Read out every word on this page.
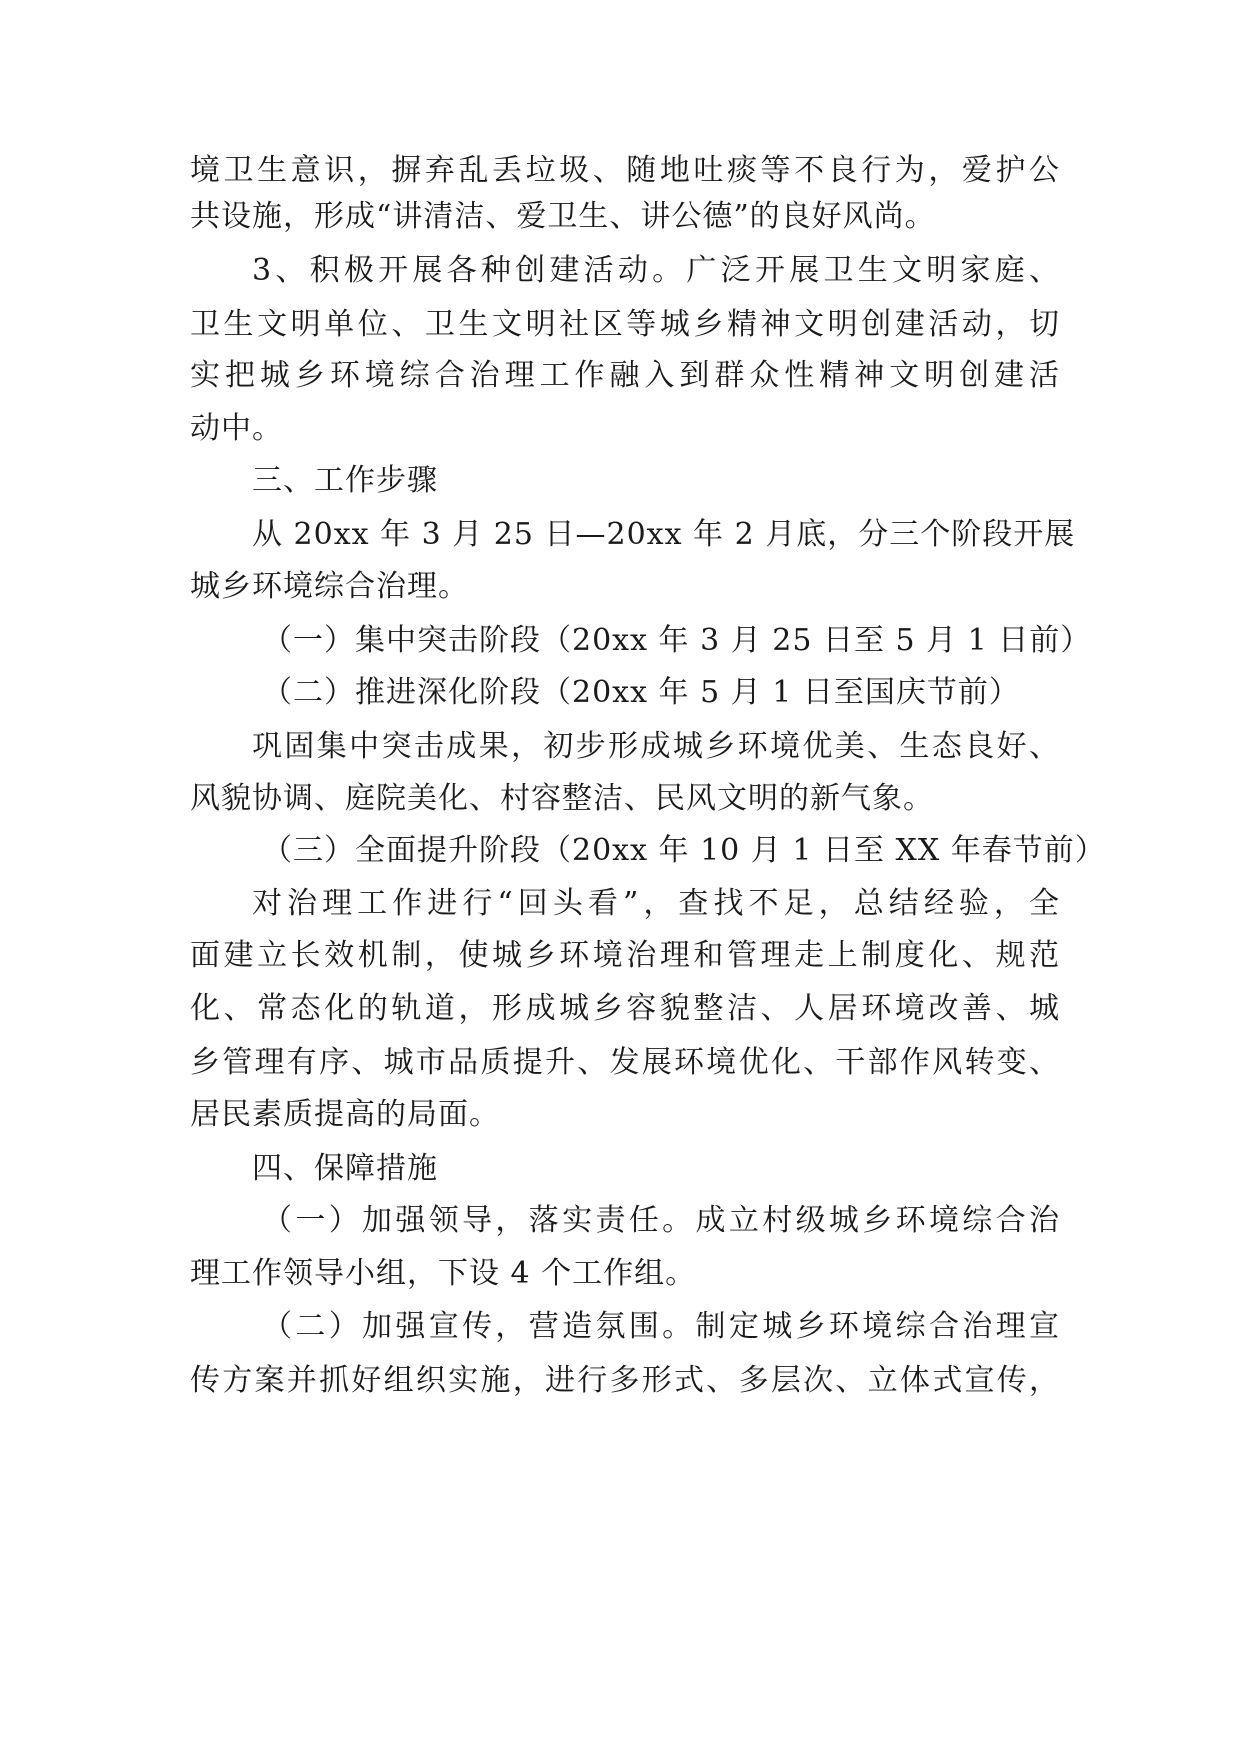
境卫生意识，摒弃乱丢垃圾、随地吐痰等不良行为，爱护公
共设施，形成“讲清洁、爱卫生、讲公德”的良好风尚。
3、积极开展各种创建活动。广泛开展卫生文明家庭、
卫生文明单位、卫生文明社区等城乡精神文明创建活动，切
实把城乡环境综合治理工作融入到群众性精神文明创建活
动中。
三、工作步骤
从 20xx 年 3 月 25 日—20xx 年 2 月底，分三个阶段开展
城乡环境综合治理。
（一）集中突击阶段（20xx 年 3 月 25 日至 5 月 1 日前）
（二）推进深化阶段（20xx 年 5 月 1 日至国庆节前）
巩固集中突击成果，初步形成城乡环境优美、生态良好、
风貌协调、庭院美化、村容整洁、民风文明的新气象。
（三）全面提升阶段（20xx 年 10 月 1 日至 XX 年春节前）
对治理工作进行“回头看”，查找不足，总结经验，全
面建立长效机制，使城乡环境治理和管理走上制度化、规范
化、常态化的轨道，形成城乡容貌整洁、人居环境改善、城
乡管理有序、城市品质提升、发展环境优化、干部作风转变、
居民素质提高的局面。
四、保障措施
（一）加强领导，落实责任。成立村级城乡环境综合治
理工作领导小组，下设 4 个工作组。
（二）加强宣传，营造氛围。制定城乡环境综合治理宣
传方案并抓好组织实施，进行多形式、多层次、立体式宣传，
